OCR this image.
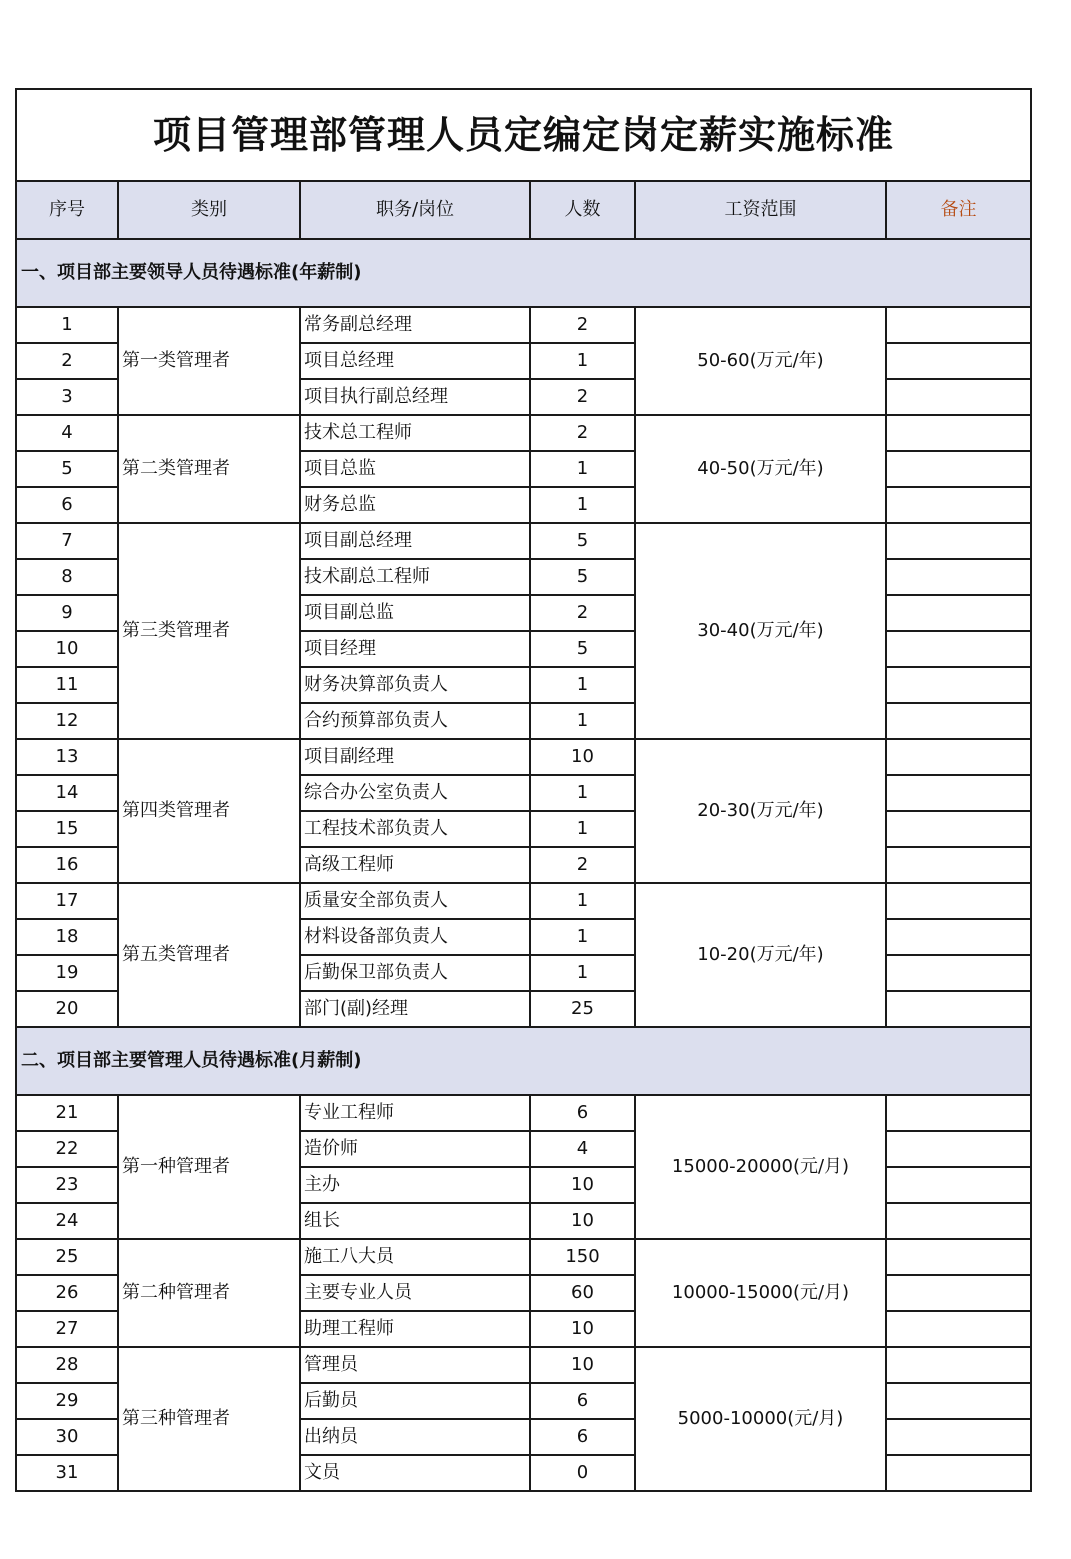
项目管理部管理人员定编定岗定薪实施标准					
序号	类别	职务/岗位	人数	工资范围	备注
一、项目部主要领导人员待遇标准(年薪制)					
1	第一类管理者	常务副总经理	2	50-60(万元/年)	
2		项目总经理	1		
3		项目执行副总经理	2		
4	第二类管理者	技术总工程师	2	40-50(万元/年)	
5		项目总监	1		
6		财务总监	1		
7	第三类管理者	项目副总经理	5	30-40(万元/年)	
8		技术副总工程师	5		
9		项目副总监	2		
10		项目经理	5		
11		财务决算部负责人	1		
12		合约预算部负责人	1		
13	第四类管理者	项目副经理	10	20-30(万元/年)	
14		综合办公室负责人	1		
15		工程技术部负责人	1		
16		高级工程师	2		
17	第五类管理者	质量安全部负责人	1	10-20(万元/年)	
18		材料设备部负责人	1		
19		后勤保卫部负责人	1		
20		部门(副)经理	25		
二、项目部主要管理人员待遇标准(月薪制)					
21	第一种管理者	专业工程师	6	15000-20000(元/月)	
22		造价师	4		
23		主办	10		
24		组长	10		
25	第二种管理者	施工八大员	150	10000-15000(元/月)	
26		主要专业人员	60		
27		助理工程师	10		
28	第三种管理者	管理员	10	5000-10000(元/月)	
29		后勤员	6		
30		出纳员	6		
31		文员	0		
